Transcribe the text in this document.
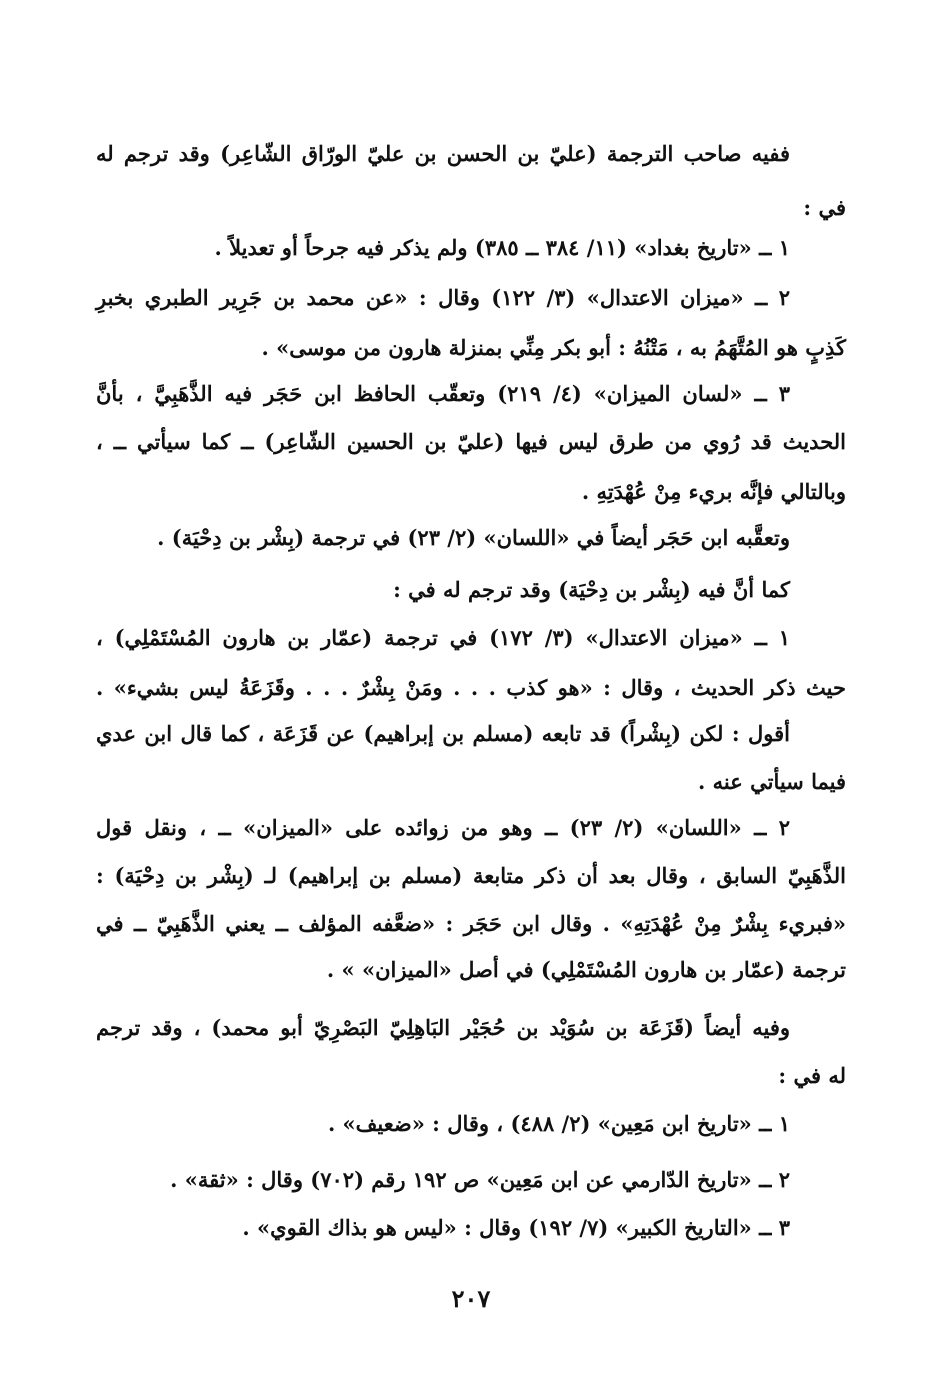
ففيه صاحب الترجمة (عليّ بن الحسن بن عليّ الورّاق الشّاعِر) وقد ترجم له
في :
١ ــ «تاريخ بغداد» (١١/ ٣٨٤ ــ ٣٨٥) ولم يذكر فيه جرحاً أو تعديلاً .
٢ ــ «ميزان الاعتدال» (٣/ ١٢٢) وقال : «عن محمد بن جَرِير الطبري بخبرِ
كَذِبٍ هو المُتَّهَمُ به ، مَتْنُهُ : أبو بكر مِنِّي بمنزلة هارون من موسى» .
٣ ــ «لسان الميزان» (٤/ ٢١٩) وتعقّب الحافظ ابن حَجَر فيه الذَّهَبِيَّ ، بأنَّ
الحديث قد رُوي من طرق ليس فيها (عليّ بن الحسين الشّاعِر) ــ كما سيأتي ــ ،
وبالتالي فإنَّه بريء مِنْ عُهْدَتِهِ .
وتعقَّبه ابن حَجَر أيضاً في «اللسان» (٢/ ٢٣) في ترجمة (بِشْر بن دِحْيَة) .
كما أنَّ فيه (بِشْر بن دِحْيَة) وقد ترجم له في :
١ ــ «ميزان الاعتدال» (٣/ ١٧٢) في ترجمة (عمّار بن هارون المُسْتَمْلِي) ،
حيث ذكر الحديث ، وقال : «هو كذب . . . ومَنْ بِشْرٌ . . . وقَزَعَةُ ليس بشيء» .
أقول : لكن (بِشْراً) قد تابعه (مسلم بن إبراهيم) عن قَزَعَة ، كما قال ابن عدي
فيما سيأتي عنه .
٢ ــ «اللسان» (٢/ ٢٣) ــ وهو من زوائده على «الميزان» ــ ، ونقل قول
الذَّهَبِيّ السابق ، وقال بعد أن ذكر متابعة (مسلم بن إبراهيم) لـ (بِشْر بن دِحْيَة) :
«فبريء بِشْرٌ مِنْ عُهْدَتِهِ» . وقال ابن حَجَر : «ضعَّفه المؤلف ــ يعني الذَّهَبِيّ ــ في
ترجمة (عمّار بن هارون المُسْتَمْلِي) في أصل «الميزان» » .
وفيه أيضاً (قَزَعَة بن سُوَيْد بن حُجَيْر البَاهِلِيّ البَصْرِيّ أبو محمد) ، وقد ترجم
له في :
١ ــ «تاريخ ابن مَعِين» (٢/ ٤٨٨) ، وقال : «ضعيف» .
٢ ــ «تاريخ الدّارمي عن ابن مَعِين» ص ١٩٢ رقم (٧٠٢) وقال : «ثقة» .
٣ ــ «التاريخ الكبير» (٧/ ١٩٢) وقال : «ليس هو بذاك القوي» .
٢٠٧
